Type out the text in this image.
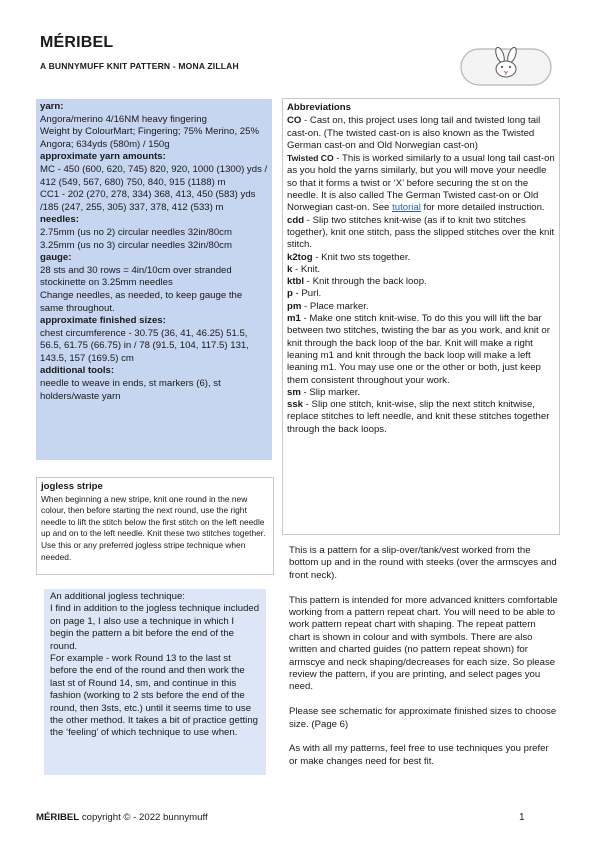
MÉRIBEL
A BUNNYMUFF KNIT PATTERN - MONA ZILLAH
yarn:

Angora/merino 4/16NM heavy fingering

Weight by ColourMart; Fingering; 75% Merino, 25% Angora; 634yds (580m) / 150g

approximate yarn amounts:

MC - 450 (600, 620, 745) 820, 920, 1000 (1300) yds / 412 (549, 567, 680) 750, 840, 915 (1188) m

CC1 - 202 (270, 278, 334) 368, 413, 450 (583) yds /185 (247, 255, 305) 337, 378, 412 (533) m

needles:

2.75mm (us no 2) circular needles 32in/80cm

3.25mm (us no 3) circular needles 32in/80cm

gauge:

28 sts and 30 rows = 4in/10cm over stranded stockinette on 3.25mm needles

Change needles, as needed, to keep gauge the same throughout.

approximate finished sizes:

chest circumference - 30.75 (36, 41, 46.25) 51.5, 56.5, 61.75 (66.75) in / 78 (91.5, 104, 117.5) 131, 143.5, 157 (169.5) cm

additional tools:

needle to weave in ends, st markers (6), st holders/waste yarn

jogless stripe
When beginning a new stripe, knit one round in the new colour, then before starting the next round, use the right needle to lift the stitch below the first stitch on the left needle up and on to the left needle. Knit these two stitches together. Use this or any preferred jogless stripe technique when needed.

An additional jogless technique:

I find in addition to the jogless technique included on page 1, I also use a technique in which I begin the pattern a bit before the end of the round.

For example - work Round 13 to the last st before the end of the round and then work the last st of Round 14, sm, and continue in this fashion (working to 2 sts before the end of the round, then 3sts, etc.) until it seems time to use the other method. It takes a bit of practice getting the ‘feeling’ of which technique to use when.

Abbreviations

CO - Cast on, this project uses long tail and twisted long tail cast-on. (The twisted cast-on is also known as the Twisted German cast-on and Old Norwegian cast-on)

Twisted CO - This is worked similarly to a usual long tail cast-on as you hold the yarns similarly, but you will move your needle so that it forms a twist or ‘X’ before securing the st on the needle. It is also called The German Twisted cast-on or Old Norwegian cast-on. See tutorial for more detailed instruction.

cdd - Slip two stitches knit-wise (as if to knit two stitches together), knit one stitch, pass the slipped stitches over the knit stitch.

k2tog - Knit two sts together.

k - Knit.

ktbl - Knit through the back loop.

p - Purl.

pm - Place marker.

m1 - Make one stitch knit-wise. To do this you will lift the bar between two stitches, twisting the bar as you work, and knit or knit through the back loop of the bar. Knit will make a right leaning m1 and knit through the back loop will make a left leaning m1. You may use one or the other or both, just keep them consistent throughout your work.

sm - Slip marker.

ssk - Slip one stitch, knit-wise, slip the next stitch knitwise, replace stitches to left needle, and knit these stitches together through the back loops.

This is a pattern for a slip-over/tank/vest worked from the bottom up and in the round with steeks (over the armscyes and front neck).

This pattern is intended for more advanced knitters comfortable working from a pattern repeat chart. You will need to be able to work pattern repeat chart with shaping. The repeat pattern chart is shown in colour and with symbols. There are also written and charted guides (no pattern repeat shown) for armscye and neck shaping/decreases for each size. So please review the pattern, if you are printing, and select pages you need.

Please see schematic for approximate finished sizes to choose size. (Page 6)

As with all my patterns, feel free to use techniques you prefer or make changes need for best fit.

MÉRIBEL copyright © - 2022 bunnymuff	1
